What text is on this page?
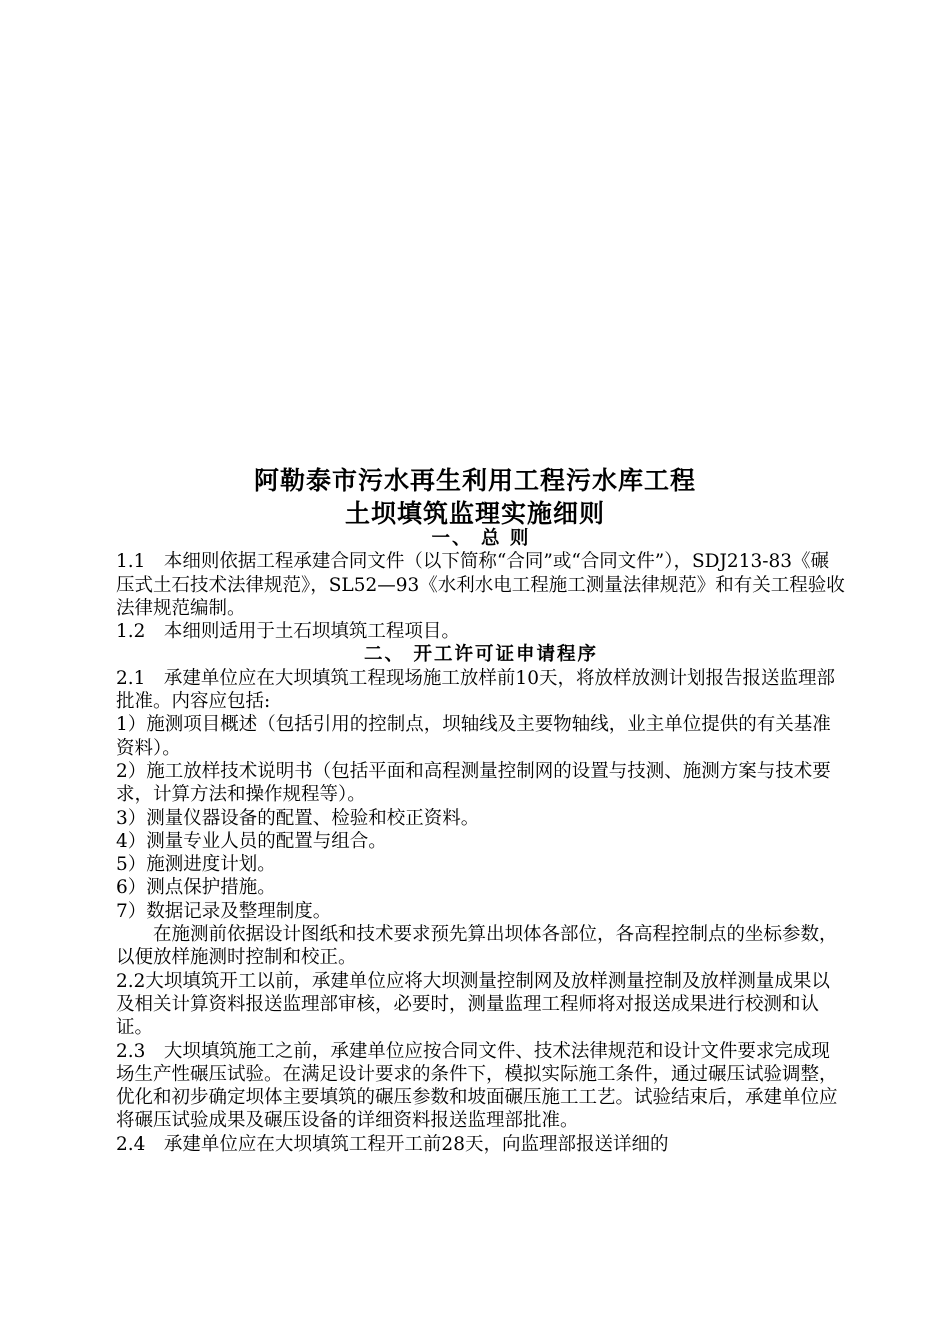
阿勒泰市污水再生利用工程污水库工程
土坝填筑监理实施细则

一、 总 则

1.1　本细则依据工程承建合同文件（以下简称“合同”或“合同文件”），SDJ213-83《碾压式土石技术法律规范》，SL52—93《水利水电工程施工测量法律规范》和有关工程验收法律规范编制。

1.2　本细则适用于土石坝填筑工程项目。

二、 开工许可证申请程序

2.1　承建单位应在大坝填筑工程现场施工放样前10天，将放样放测计划报告报送监理部批准。内容应包括:

1）施测项目概述（包括引用的控制点，坝轴线及主要物轴线，业主单位提供的有关基准资料）。

2）施工放样技术说明书（包括平面和高程测量控制网的设置与技测、施测方案与技术要求，计算方法和操作规程等）。

3）测量仪器设备的配置、检验和校正资料。

4）测量专业人员的配置与组合。

5）施测进度计划。

6）测点保护措施。

7）数据记录及整理制度。

在施测前依据设计图纸和技术要求预先算出坝体各部位，各高程控制点的坐标参数，以便放样施测时控制和校正。

2.2大坝填筑开工以前，承建单位应将大坝测量控制网及放样测量控制及放样测量成果以及相关计算资料报送监理部审核，必要时，测量监理工程师将对报送成果进行校测和认证。

2.3　大坝填筑施工之前，承建单位应按合同文件、技术法律规范和设计文件要求完成现场生产性碾压试验。在满足设计要求的条件下，模拟实际施工条件，通过碾压试验调整，优化和初步确定坝体主要填筑的碾压参数和坡面碾压施工工艺。试验结束后，承建单位应将碾压试验成果及碾压设备的详细资料报送监理部批准。

2.4　承建单位应在大坝填筑工程开工前28天，向监理部报送详细的
